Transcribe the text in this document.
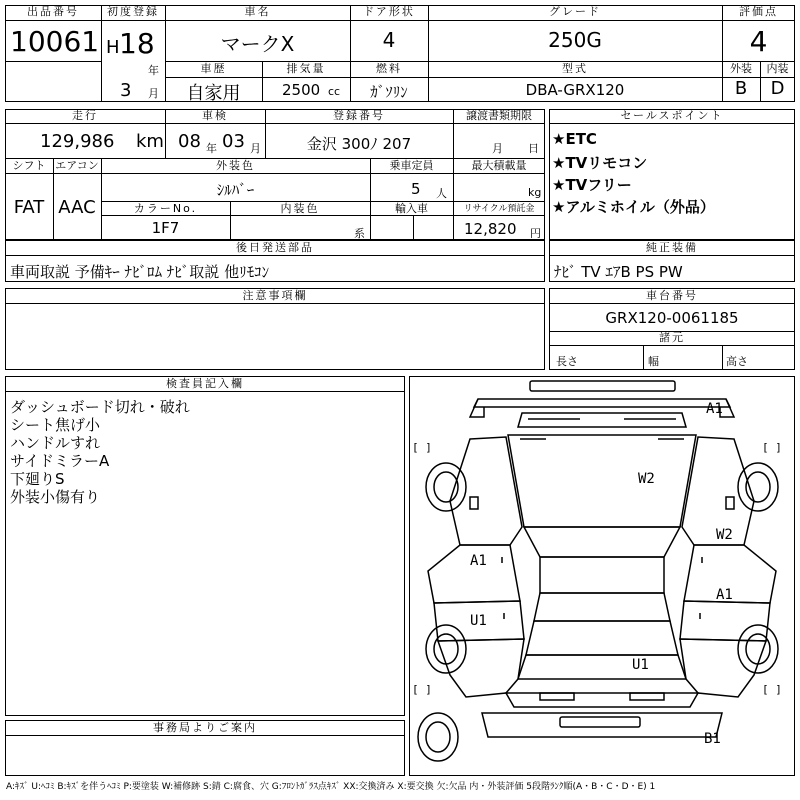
出品番号
10061
初度登録
H 18
年
3 月
車名
マークX
ドア形状
4
グレード
250G
評価点
4
車歴
自家用
排気量
2500 cc
燃料
ｶﾞｿﾘﾝ
型式
DBA-GRX120
外装
B
内装
D
走行
129,986 km
車検
08 年 03 月
登録番号
金沢 300ﾉ 207
譲渡書類期限
月 日
シフト
FAT
エアコン
AAC
外装色
ｼﾙﾊﾞｰ
乗車定員
5 人
最大積載量
kg
カラーNo.
1F7
内装色
系
輸入車	リサイクル預託金
12,820 円
セールスポイント
★ETC
★TVリモコン
★TVフリー
★アルミホイル（外品）
後日発送部品
車両取説 予備ｷｰ ﾅﾋﾞﾛﾑ ﾅﾋﾞ取説 他ﾘﾓｺﾝ
純正装備
ﾅﾋﾞ TV ｴｱB PS PW
注意事項欄	車台番号
GRX120-0061185
諸元
長さ	幅	高さ
検査員記入欄
ダッシュボード切れ・破れ
シート焦げ小
ハンドルすれ
サイドミラーA
下廻りS
外装小傷有り
事務局よりご案内
A1
W2
W2
A1
A1
U1
U1
B1
[ ]	[ ]
[ ]	[ ]
A:ｷｽﾞ U:ﾍｺﾐ B:ｷｽﾞを伴うﾍｺﾐ P:要塗装 W:補修跡 S:錆 C:腐食、穴 G:ﾌﾛﾝﾄｶﾞﾗｽ点ｷｽﾞ XX:交換済み X:要交換 欠:欠品 内・外装評価 5段階ﾗﾝｸ順(A・B・C・D・E) 1
